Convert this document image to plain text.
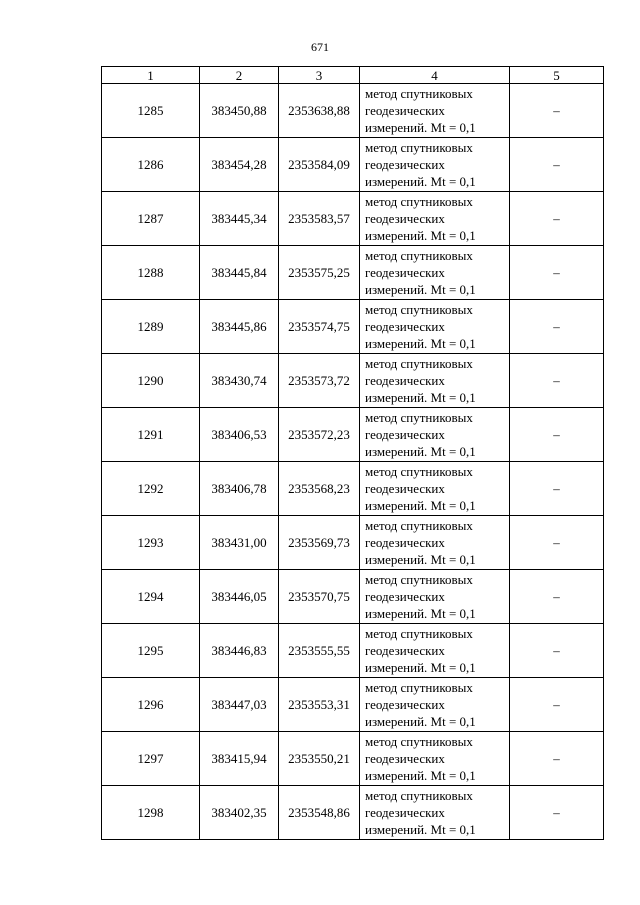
671
1	2	3	4	5
1285	383450,88	2353638,88	метод спутниковых
геодезических
измерений. Mt = 0,1	–
1286	383454,28	2353584,09	метод спутниковых
геодезических
измерений. Mt = 0,1	–
1287	383445,34	2353583,57	метод спутниковых
геодезических
измерений. Mt = 0,1	–
1288	383445,84	2353575,25	метод спутниковых
геодезических
измерений. Mt = 0,1	–
1289	383445,86	2353574,75	метод спутниковых
геодезических
измерений. Mt = 0,1	–
1290	383430,74	2353573,72	метод спутниковых
геодезических
измерений. Mt = 0,1	–
1291	383406,53	2353572,23	метод спутниковых
геодезических
измерений. Mt = 0,1	–
1292	383406,78	2353568,23	метод спутниковых
геодезических
измерений. Mt = 0,1	–
1293	383431,00	2353569,73	метод спутниковых
геодезических
измерений. Mt = 0,1	–
1294	383446,05	2353570,75	метод спутниковых
геодезических
измерений. Mt = 0,1	–
1295	383446,83	2353555,55	метод спутниковых
геодезических
измерений. Mt = 0,1	–
1296	383447,03	2353553,31	метод спутниковых
геодезических
измерений. Mt = 0,1	–
1297	383415,94	2353550,21	метод спутниковых
геодезических
измерений. Mt = 0,1	–
1298	383402,35	2353548,86	метод спутниковых
геодезических
измерений. Mt = 0,1	–
